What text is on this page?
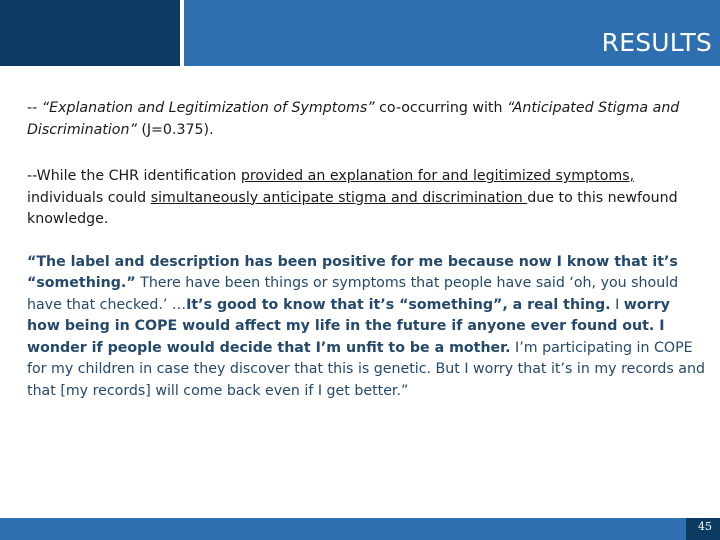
RESULTS

-- “Explanation and Legitimization of Symptoms” co-occurring with “Anticipated Stigma and Discrimination” (J=0.375).

--While the CHR identification provided an explanation for and legitimized symptoms, individuals could simultaneously anticipate stigma and discrimination due to this newfound knowledge.

“The label and description has been positive for me because now I know that it’s “something.” There have been things or symptoms that people have said ‘oh, you should have that checked.’ …It’s good to know that it’s “something”, a real thing. I worry how being in COPE would affect my life in the future if anyone ever found out. I wonder if people would decide that I’m unfit to be a mother. I’m participating in COPE for my children in case they discover that this is genetic. But I worry that it’s in my records and that [my records] will come back even if I get better.”

45
